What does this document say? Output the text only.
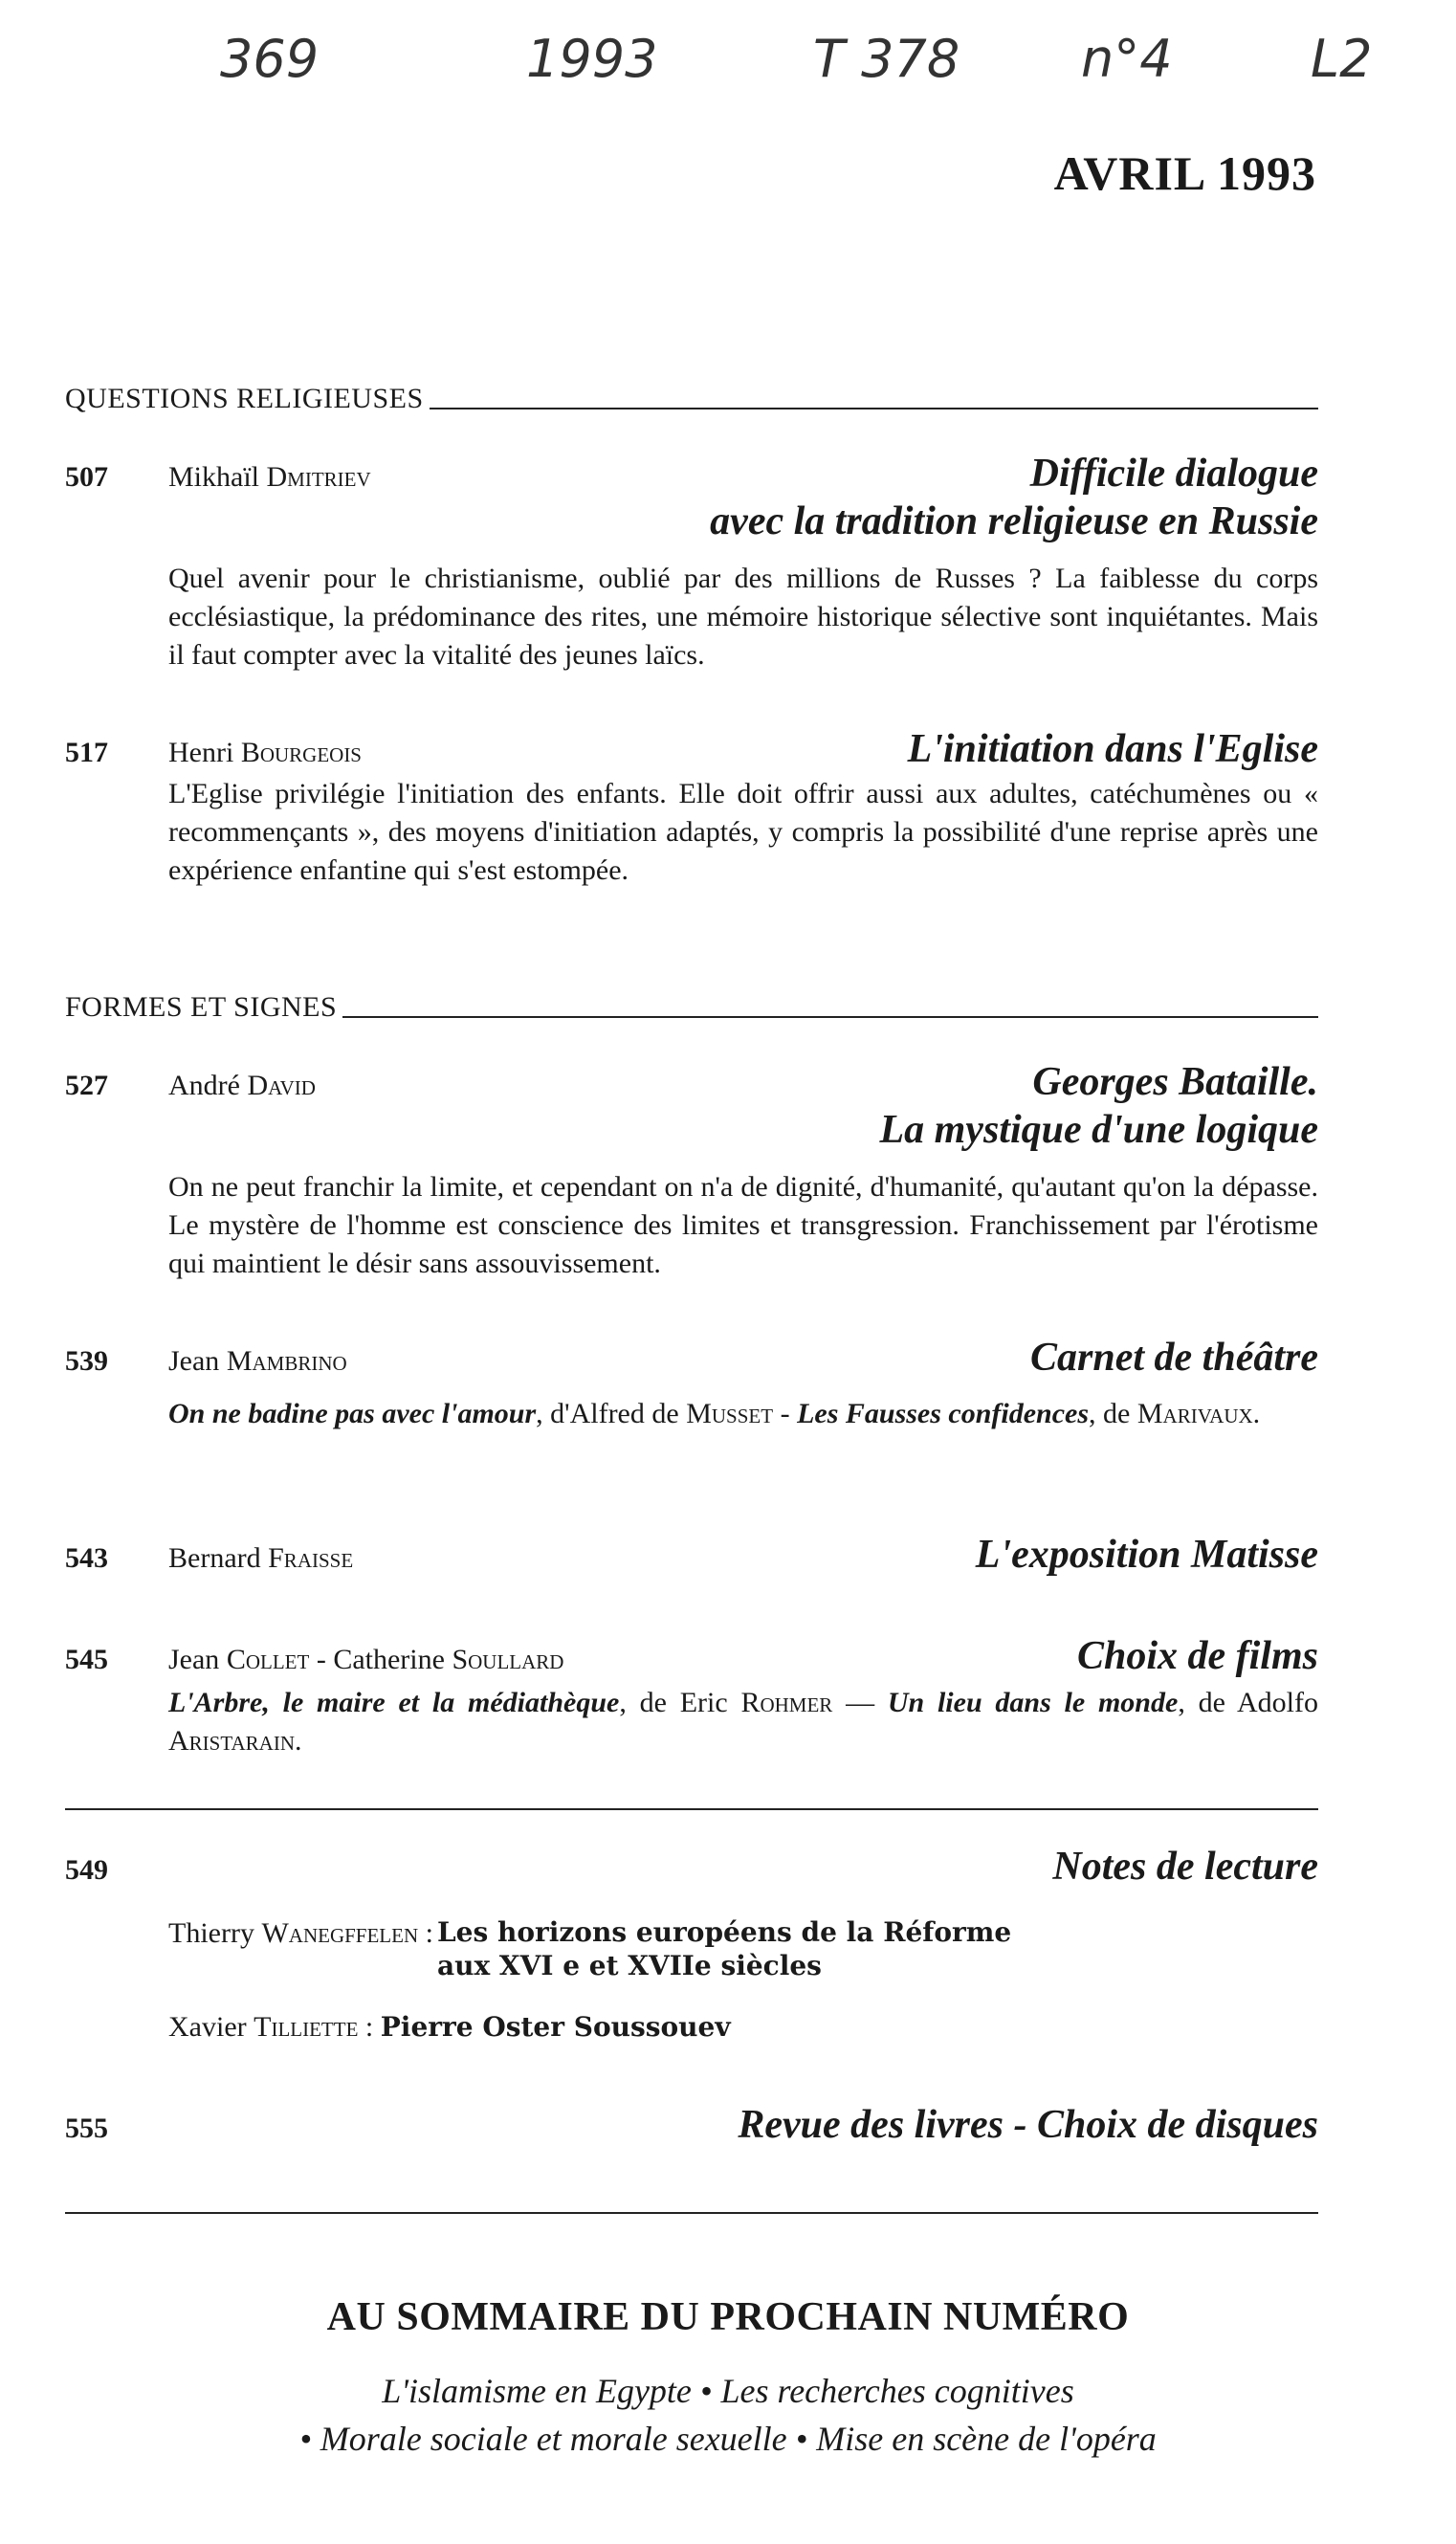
369	1993	T 378 n°4	L2
AVRIL 1993
QUESTIONS RELIGIEUSES
507	Mikhaïl Dmitriev	Difficile dialogue
avec la tradition religieuse en Russie
Quel avenir pour le christianisme, oublié par des millions de Russes ? La faiblesse du corps ecclésiastique, la prédominance des rites, une mémoire historique sélective sont inquiétantes. Mais il faut compter avec la vitalité des jeunes laïcs.
517	Henri Bourgeois	L'initiation dans l'Eglise
L'Eglise privilégie l'initiation des enfants. Elle doit offrir aussi aux adultes, catéchumènes ou « recommençants », des moyens d'initiation adaptés, y compris la possibilité d'une reprise après une expérience enfantine qui s'est estompée.
FORMES ET SIGNES
527	André David	Georges Bataille.
La mystique d'une logique
On ne peut franchir la limite, et cependant on n'a de dignité, d'humanité, qu'autant qu'on la dépasse. Le mystère de l'homme est conscience des limites et transgression. Franchissement par l'érotisme qui maintient le désir sans assouvissement.
539	Jean Mambrino	Carnet de théâtre
On ne badine pas avec l'amour, d'Alfred de Musset - Les Fausses confidences, de Marivaux.
543	Bernard Fraisse	L'exposition Matisse
545	Jean Collet - Catherine Soullard	Choix de films
L'Arbre, le maire et la médiathèque, de Eric Rohmer — Un lieu dans le monde, de Adolfo Aristarain.
549	Notes de lecture
Thierry Wanegffelen : Les horizons européens de la Réforme
aux XVI e et XVIIe siècles
Xavier Tilliette : Pierre Oster Soussouev
555	Revue des livres - Choix de disques
AU SOMMAIRE DU PROCHAIN NUMÉRO
L'islamisme en Egypte • Les recherches cognitives
• Morale sociale et morale sexuelle • Mise en scène de l'opéra
